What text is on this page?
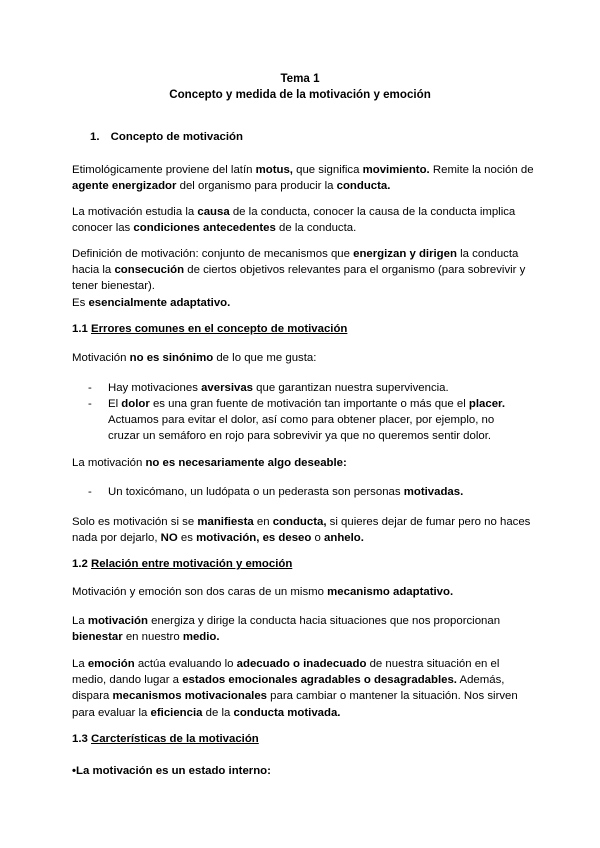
Tema 1
Concepto y medida de la motivación y emoción
1. Concepto de motivación
Etimológicamente proviene del latín motus, que significa movimiento. Remite la noción de agente energizador del organismo para producir la conducta.
La motivación estudia la causa de la conducta, conocer la causa de la conducta implica conocer las condiciones antecedentes de la conducta.
Definición de motivación: conjunto de mecanismos que energizan y dirigen la conducta hacia la consecución de ciertos objetivos relevantes para el organismo (para sobrevivir y tener bienestar).
Es esencialmente adaptativo.
1.1 Errores comunes en el concepto de motivación
Motivación no es sinónimo de lo que me gusta:
- Hay motivaciones aversivas que garantizan nuestra supervivencia.
- El dolor es una gran fuente de motivación tan importante o más que el placer. Actuamos para evitar el dolor, así como para obtener placer, por ejemplo, no cruzar un semáforo en rojo para sobrevivir ya que no queremos sentir dolor.
La motivación no es necesariamente algo deseable:
- Un toxicómano, un ludópata o un pederasta son personas motivadas.
Solo es motivación si se manifiesta en conducta, si quieres dejar de fumar pero no haces nada por dejarlo, NO es motivación, es deseo o anhelo.
1.2 Relación entre motivación y emoción
Motivación y emoción son dos caras de un mismo mecanismo adaptativo.
La motivación energiza y dirige la conducta hacia situaciones que nos proporcionan bienestar en nuestro medio.
La emoción actúa evaluando lo adecuado o inadecuado de nuestra situación en el medio, dando lugar a estados emocionales agradables o desagradables. Además, dispara mecanismos motivacionales para cambiar o mantener la situación. Nos sirven para evaluar la eficiencia de la conducta motivada.
1.3 Carcterísticas de la motivación
•La motivación es un estado interno:
